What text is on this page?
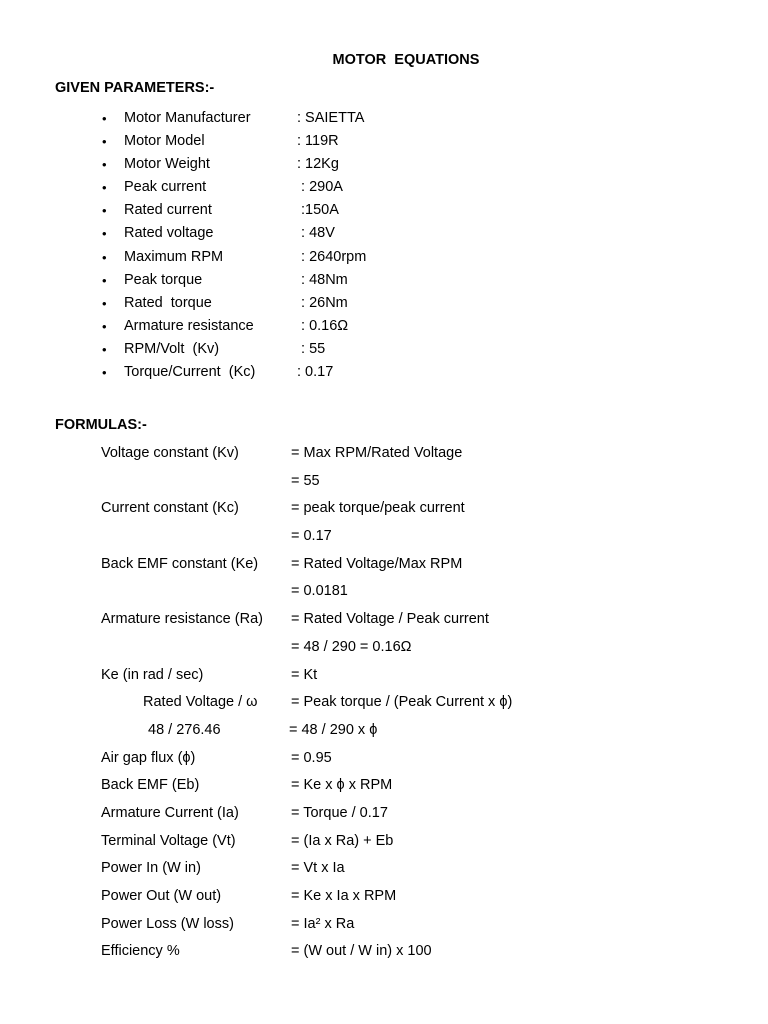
MOTOR  EQUATIONS
GIVEN PARAMETERS:-
• Motor Manufacturer	: SAIETTA
• Motor Model	: 119R
• Motor Weight	: 12Kg
• Peak current	: 290A
• Rated current	:150A
• Rated voltage	: 48V
• Maximum RPM	: 2640rpm
• Peak torque	: 48Nm
• Rated  torque	: 26Nm
• Armature resistance	: 0.16Ω
• RPM/Volt  (Kv)	: 55
• Torque/Current  (Kc)	: 0.17
FORMULAS:-
Voltage constant (Kv)	= Max RPM/Rated Voltage
= 55
Current constant (Kc)	= peak torque/peak current
= 0.17
Back EMF constant (Ke) = Rated Voltage/Max RPM
= 0.0181
Armature resistance (Ra) = Rated Voltage / Peak current
= 48 / 290 = 0.16Ω
Ke (in rad / sec)	= Kt
Rated Voltage / ω = Peak torque / (Peak Current x ϕ)
48 / 276.46	= 48 / 290 x ϕ
Air gap flux (ϕ)	= 0.95
Back EMF (Eb)	= Ke x ϕ x RPM
Armature Current (Ia)	= Torque / 0.17
Terminal Voltage (Vt)	= (Ia x Ra) + Eb
Power In (W in)	= Vt x Ia
Power Out (W out)	= Ke x Ia x RPM
Power Loss (W loss)	= Ia² x Ra
Efficiency %	= (W out / W in) x 100
